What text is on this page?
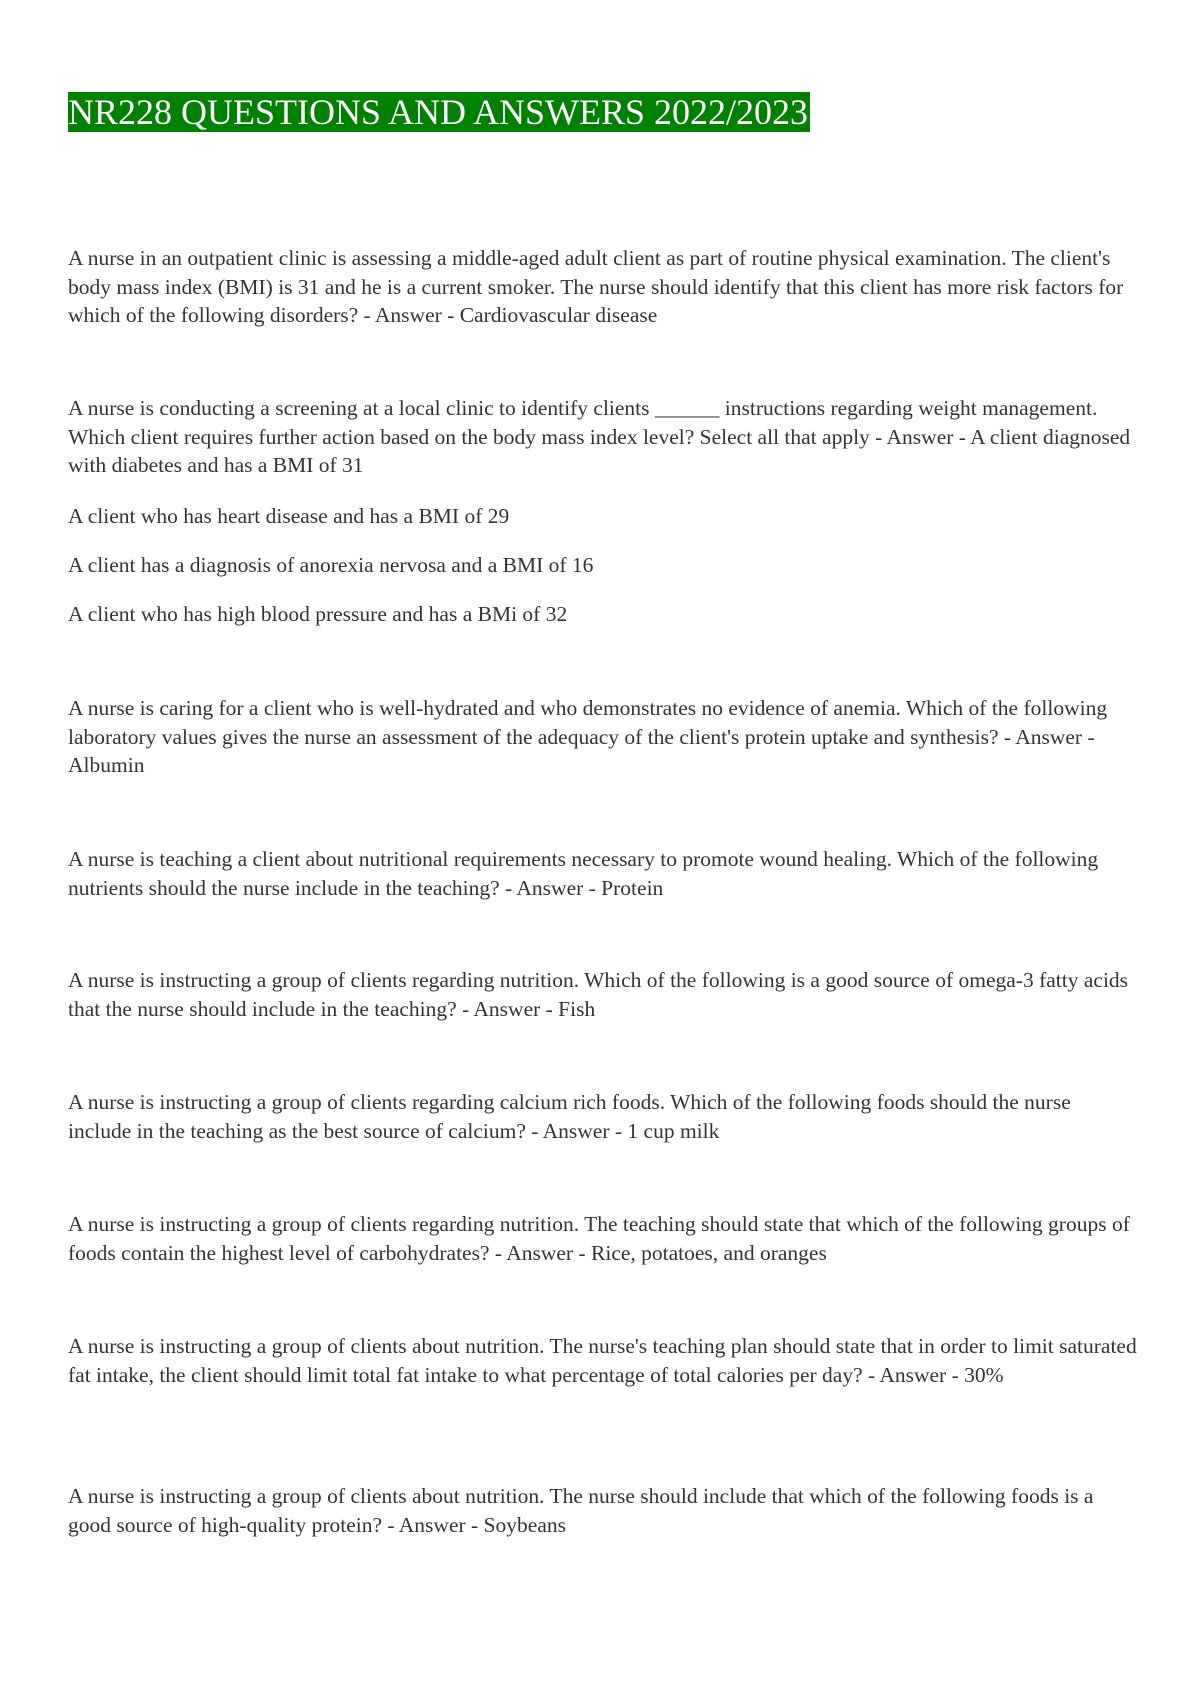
NR228 QUESTIONS AND ANSWERS 2022/2023

A nurse in an outpatient clinic is assessing a middle-aged adult client as part of routine physical examination. The client's body mass index (BMI) is 31 and he is a current smoker. The nurse should identify that this client has more risk factors for which of the following disorders? - Answer - Cardiovascular disease

A nurse is conducting a screening at a local clinic to identify clients ______ instructions regarding weight management. Which client requires further action based on the body mass index level? Select all that apply - Answer - A client diagnosed with diabetes and has a BMI of 31

A client who has heart disease and has a BMI of 29

A client has a diagnosis of anorexia nervosa and a BMI of 16

A client who has high blood pressure and has a BMi of 32

A nurse is caring for a client who is well-hydrated and who demonstrates no evidence of anemia. Which of the following laboratory values gives the nurse an assessment of the adequacy of the client's protein uptake and synthesis? - Answer - Albumin

A nurse is teaching a client about nutritional requirements necessary to promote wound healing. Which of the following nutrients should the nurse include in the teaching? - Answer - Protein

A nurse is instructing a group of clients regarding nutrition. Which of the following is a good source of omega-3 fatty acids that the nurse should include in the teaching? - Answer - Fish

A nurse is instructing a group of clients regarding calcium rich foods. Which of the following foods should the nurse include in the teaching as the best source of calcium? - Answer - 1 cup milk

A nurse is instructing a group of clients regarding nutrition. The teaching should state that which of the following groups of foods contain the highest level of carbohydrates? - Answer - Rice, potatoes, and oranges

A nurse is instructing a group of clients about nutrition. The nurse's teaching plan should state that in order to limit saturated fat intake, the client should limit total fat intake to what percentage of total calories per day? - Answer - 30%

A nurse is instructing a group of clients about nutrition. The nurse should include that which of the following foods is a good source of high-quality protein? - Answer - Soybeans
